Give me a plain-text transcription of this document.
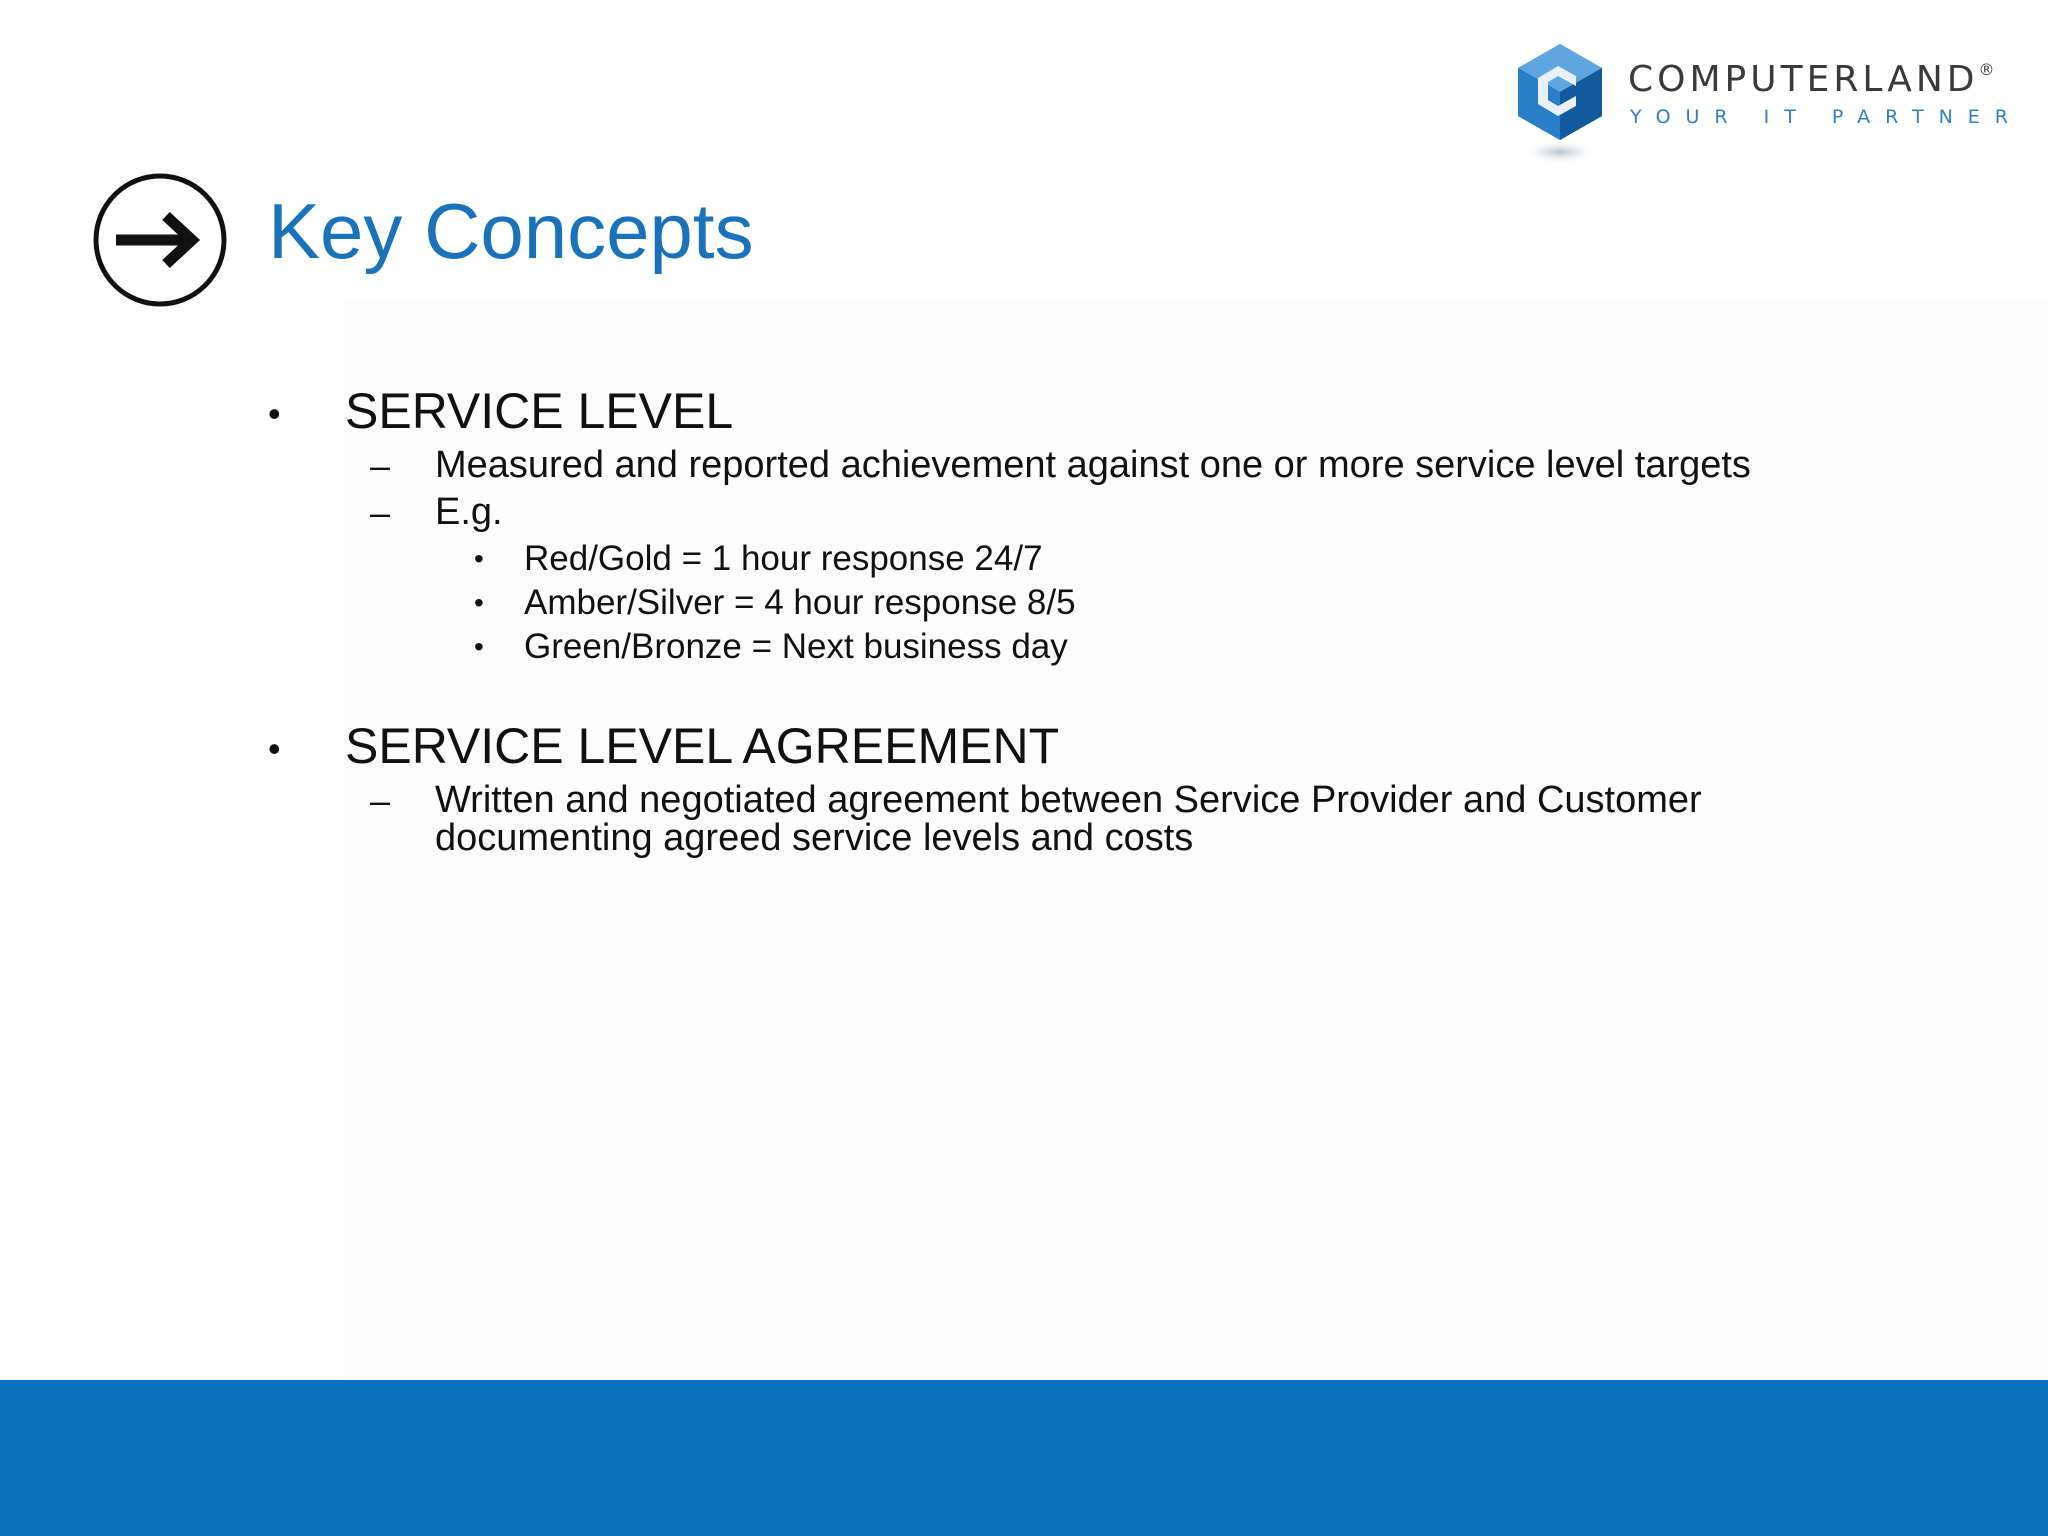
COMPUTERLAND®
YOUR IT PARTNER
Key Concepts
• SERVICE LEVEL
– Measured and reported achievement against one or more service level targets
– E.g.
• Red/Gold = 1 hour response 24/7
• Amber/Silver = 4 hour response 8/5
• Green/Bronze = Next business day
• SERVICE LEVEL AGREEMENT
– Written and negotiated agreement between Service Provider and Customer
documenting agreed service levels and costs
